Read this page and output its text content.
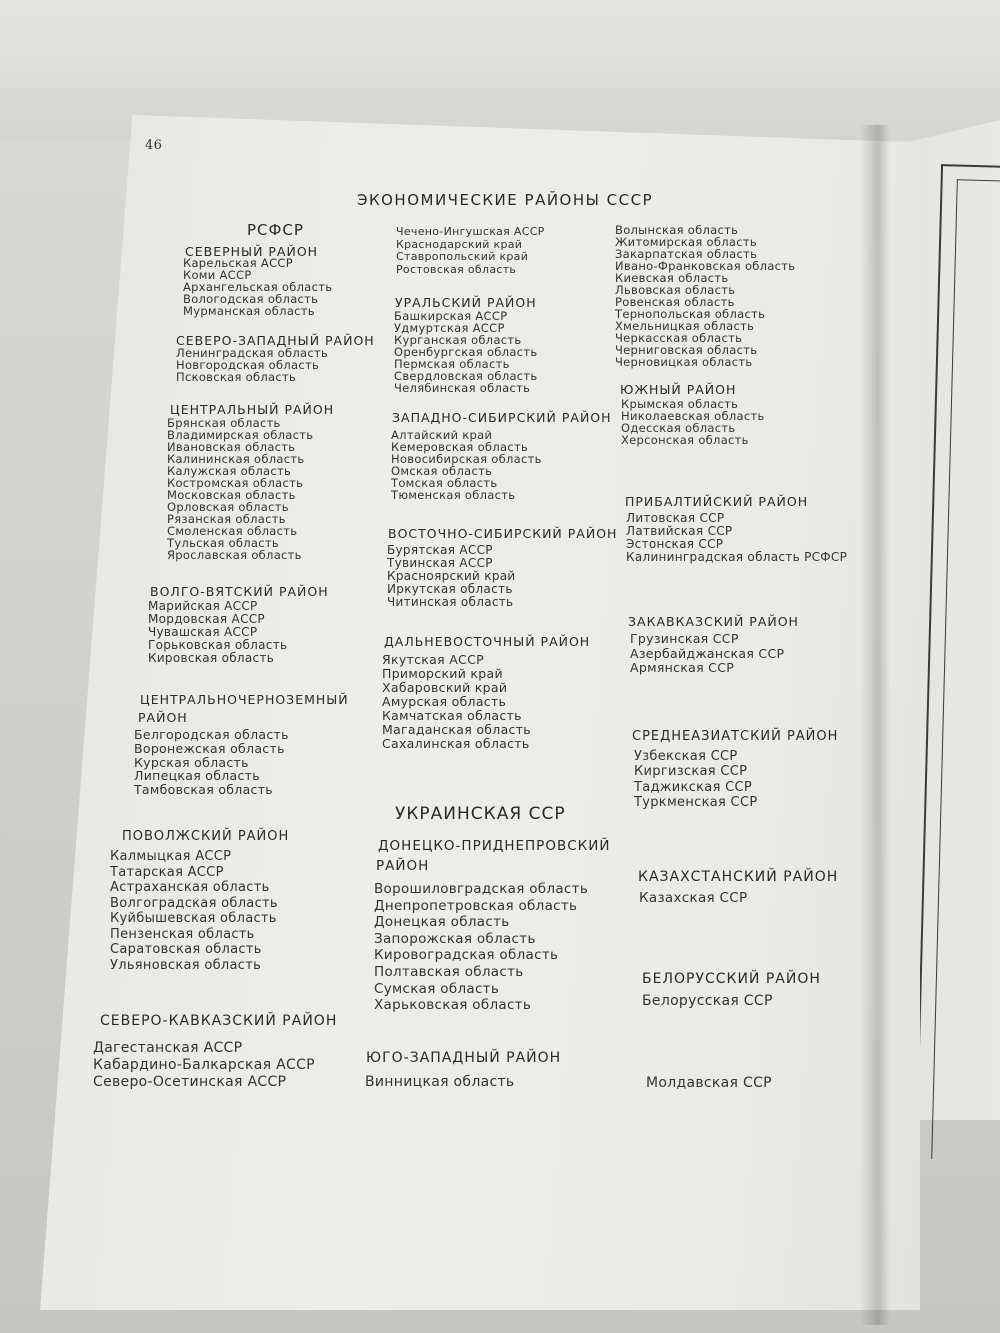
46
ЭКОНОМИЧЕСКИЕ РАЙОНЫ СССР
РСФСР
СЕВЕРНЫЙ РАЙОН
Карельская АССР
Коми АССР
Архангельская область
Вологодская область
Мурманская область
СЕВЕРО-ЗАПАДНЫЙ РАЙОН
Ленинградская область
Новгородская область
Псковская область
ЦЕНТРАЛЬНЫЙ РАЙОН
Брянская область
Владимирская область
Ивановская область
Калининская область
Калужская область
Костромская область
Московская область
Орловская область
Рязанская область
Смоленская область
Тульская область
Ярославская область
ВОЛГО-ВЯТСКИЙ РАЙОН
Марийская АССР
Мордовская АССР
Чувашская АССР
Горьковская область
Кировская область
ЦЕНТРАЛЬНОЧЕРНОЗЕМНЫЙ
РАЙОН
Белгородская область
Воронежская область
Курская область
Липецкая область
Тамбовская область
ПОВОЛЖСКИЙ РАЙОН
Калмыцкая АССР
Татарская АССР
Астраханская область
Волгоградская область
Куйбышевская область
Пензенская область
Саратовская область
Ульяновская область
СЕВЕРО-КАВКАЗСКИЙ РАЙОН
Дагестанская АССР
Кабардино-Балкарская АССР
Северо-Осетинская АССР
Чечено-Ингушская АССР
Краснодарский край
Ставропольский край
Ростовская область
УРАЛЬСКИЙ РАЙОН
Башкирская АССР
Удмуртская АССР
Курганская область
Оренбургская область
Пермская область
Свердловская область
Челябинская область
ЗАПАДНО-СИБИРСКИЙ РАЙОН
Алтайский край
Кемеровская область
Новосибирская область
Омская область
Томская область
Тюменская область
ВОСТОЧНО-СИБИРСКИЙ РАЙОН
Бурятская АССР
Тувинская АССР
Красноярский край
Иркутская область
Читинская область
ДАЛЬНЕВОСТОЧНЫЙ РАЙОН
Якутская АССР
Приморский край
Хабаровский край
Амурская область
Камчатская область
Магаданская область
Сахалинская область
УКРАИНСКАЯ ССР
ДОНЕЦКО-ПРИДНЕПРОВСКИЙ
РАЙОН
Ворошиловградская область
Днепропетровская область
Донецкая область
Запорожская область
Кировоградская область
Полтавская область
Сумская область
Харьковская область
ЮГО-ЗАПАДНЫЙ РАЙОН
Винницкая область
Волынская область
Житомирская область
Закарпатская область
Ивано-Франковская область
Киевская область
Львовская область
Ровенская область
Тернопольская область
Хмельницкая область
Черкасская область
Черниговская область
Черновицкая область
ЮЖНЫЙ РАЙОН
Крымская область
Николаевская область
Одесская область
Херсонская область
ПРИБАЛТИЙСКИЙ РАЙОН
Литовская ССР
Латвийская ССР
Эстонская ССР
Калининградская область РСФСР
ЗАКАВКАЗСКИЙ РАЙОН
Грузинская ССР
Азербайджанская ССР
Армянская ССР
СРЕДНЕАЗИАТСКИЙ РАЙОН
Узбекская ССР
Киргизская ССР
Таджикская ССР
Туркменская ССР
КАЗАХСТАНСКИЙ РАЙОН
Казахская ССР
БЕЛОРУССКИЙ РАЙОН
Белорусская ССР
Молдавская ССР
